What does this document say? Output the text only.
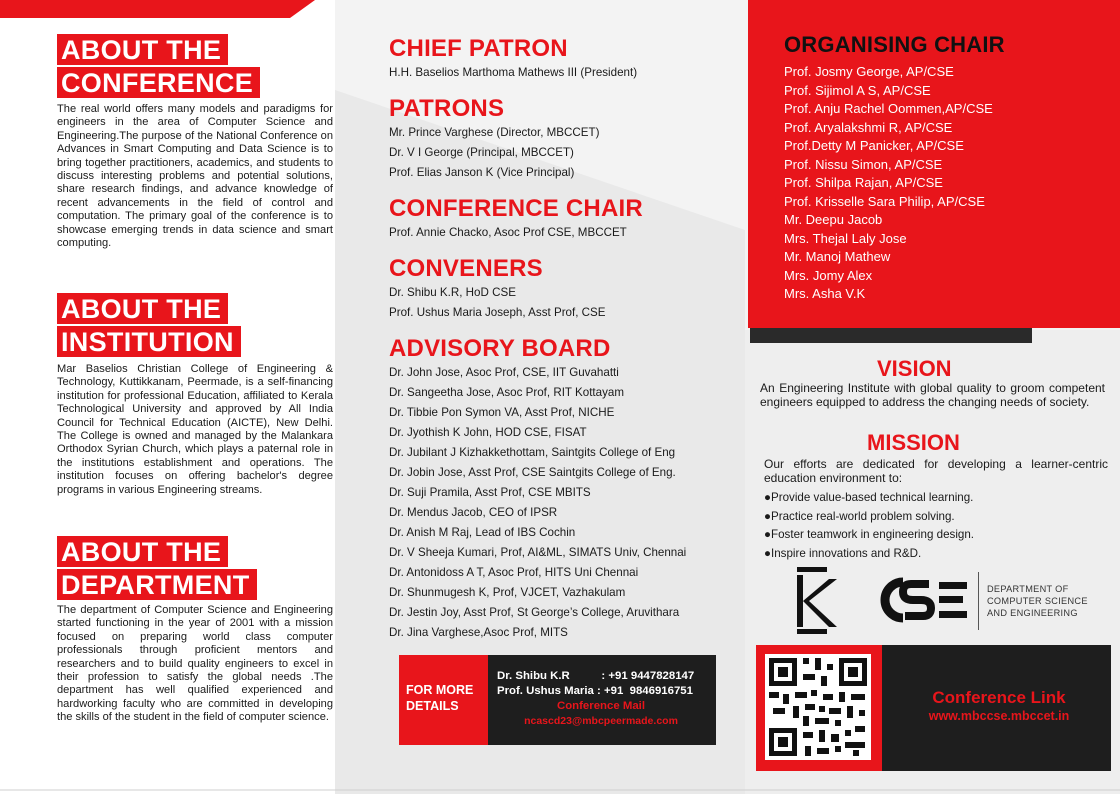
ABOUT THE
CONFERENCE
The real world offers many models and paradigms for engineers in the area of Computer Science and Engineering.The purpose of the National Conference on Advances in Smart Computing and Data Science is to bring together practitioners, academics, and students to discuss interesting problems and potential solutions, share research findings, and advance knowledge of recent advancements in the field of control and computation. The primary goal of the conference is to showcase emerging trends in data science and smart computing.
ABOUT THE
INSTITUTION
Mar Baselios Christian College of Engineering & Technology, Kuttikkanam, Peermade, is a self-financing institution for professional Education, affiliated to Kerala Technological University and approved by All India Council for Technical Education (AICTE), New Delhi. The College is owned and managed by the Malankara Orthodox Syrian Church, which plays a paternal role in the institutions establishment and operations. The institution focuses on offering bachelor's degree programs in various Engineering streams.
ABOUT THE
DEPARTMENT
The department of Computer Science and Engineering started functioning in the year of 2001 with a mission focused on preparing world class computer professionals through proficient mentors and researchers and to build quality engineers to excel in their profession to satisfy the global needs .The department has well qualified experienced and hardworking faculty who are committed in developing the skills of the student in the field of computer science.
CHIEF PATRON
H.H. Baselios Marthoma Mathews III (President)
PATRONS
Mr. Prince Varghese (Director, MBCCET)
Dr. V I George (Principal, MBCCET)
Prof. Elias Janson K (Vice Principal)
CONFERENCE CHAIR
Prof. Annie Chacko, Asoc Prof CSE, MBCCET
CONVENERS
Dr. Shibu K.R, HoD CSE
Prof. Ushus Maria Joseph, Asst Prof, CSE
ADVISORY BOARD
Dr. John Jose, Asoc Prof, CSE, IIT Guvahatti
Dr. Sangeetha Jose, Asoc Prof, RIT Kottayam
Dr. Tibbie Pon Symon VA, Asst Prof, NICHE
Dr. Jyothish K John, HOD CSE, FISAT
Dr. Jubilant J Kizhakkethottam, Saintgits College of Eng
Dr. Jobin Jose, Asst Prof, CSE Saintgits College of Eng.
Dr. Suji Pramila, Asst Prof, CSE MBITS
Dr. Mendus Jacob, CEO of IPSR
Dr. Anish M Raj, Lead of IBS Cochin
Dr. V Sheeja Kumari, Prof, AI&ML, SIMATS Univ, Chennai
Dr. Antonidoss A T, Asoc Prof, HITS Uni Chennai
Dr. Shunmugesh K, Prof, VJCET, Vazhakulam
Dr. Jestin Joy, Asst Prof, St George’s College, Aruvithara
Dr. Jina Varghese,Asoc Prof, MITS
FOR MORE
DETAILS
Dr. Shibu K.R          : +91 9447828147
Prof. Ushus Maria : +91  9846916751
Conference Mail
ncascd23@mbcpeermade.com
ORGANISING CHAIR
Prof. Josmy George, AP/CSE
Prof. Sijimol A S, AP/CSE
Prof. Anju Rachel Oommen,AP/CSE
Prof. Aryalakshmi R, AP/CSE
Prof.Detty M Panicker, AP/CSE
Prof. Nissu Simon, AP/CSE
Prof. Shilpa Rajan, AP/CSE
Prof. Krisselle Sara Philip, AP/CSE
Mr. Deepu Jacob
Mrs. Thejal Laly Jose
Mr. Manoj Mathew
Mrs. Jomy Alex
Mrs. Asha V.K
VISION
An Engineering Institute with global quality to groom competent engineers equipped to address the changing needs of society.
MISSION
Our efforts are dedicated for developing a learner-centric education environment to:
●Provide value-based technical learning.
●Practice real-world problem solving.
●Foster teamwork in engineering design.
●Inspire innovations and R&D.
CSE
DEPARTMENT OF
COMPUTER SCIENCE
AND ENGINEERING
Conference Link
www.mbccse.mbccet.in
